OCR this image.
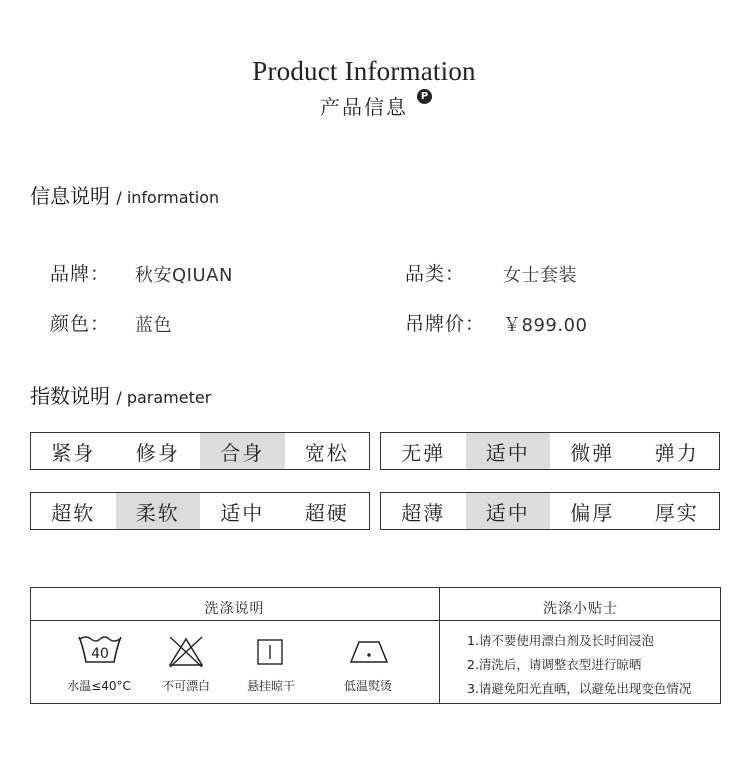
Product Information
产品信息	P
信息说明 / information
品牌： 秋安QIUAN	品类： 女士套装
颜色： 蓝色	吊牌价： ￥899.00
指数说明 / parameter
紧身	修身	合身	宽松	无弹	适中	微弹	弹力
超软	柔软	适中	超硬	超薄	适中	偏厚	厚实
洗涤说明	洗涤小贴士
40
水温≤40°C	不可漂白	悬挂晾干	低温熨烫
1.请不要使用漂白剂及长时间浸泡
2.清洗后，请调整衣型进行晾晒
3.请避免阳光直晒，以避免出现变色情况
